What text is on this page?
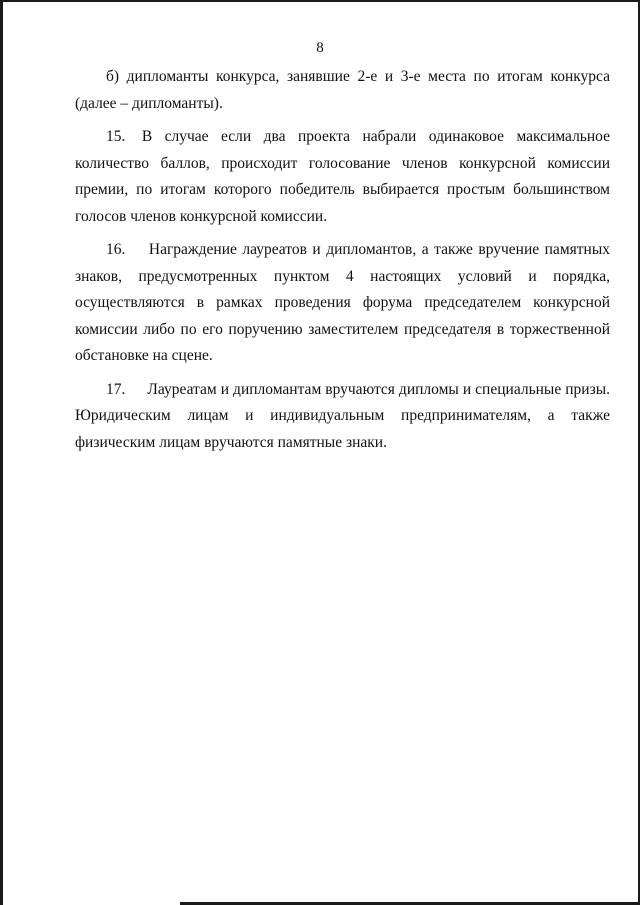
8

б) дипломанты конкурса, занявшие 2-е и 3-е места по итогам конкурса (далее – дипломанты).

15. В случае если два проекта набрали одинаковое максимальное количество баллов, происходит голосование членов конкурсной комиссии премии, по итогам которого победитель выбирается простым большинством голосов членов конкурсной комиссии.

16. Награждение лауреатов и дипломантов, а также вручение памятных знаков, предусмотренных пунктом 4 настоящих условий и порядка, осуществляются в рамках проведения форума председателем конкурсной комиссии либо по его поручению заместителем председателя в торжественной обстановке на сцене.

17. Лауреатам и дипломантам вручаются дипломы и специальные призы. Юридическим лицам и индивидуальным предпринимателям, а также физическим лицам вручаются памятные знаки.
